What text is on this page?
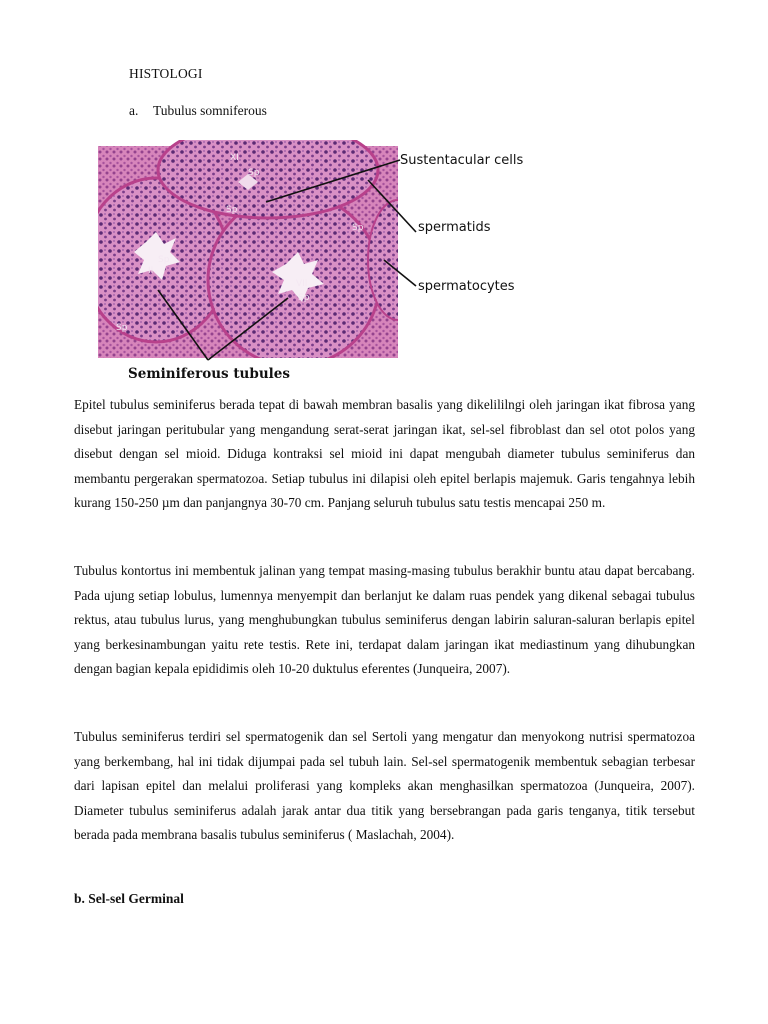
HISTOLOGI
a. Tubulus somniferous
XI
Sp
Sp
II
Sp
VII
Sp
Sp
Sp
Sustentacular cells
spermatids
spermatocytes
Seminiferous tubules

Epitel tubulus seminiferus berada tepat di bawah membran basalis yang dikelililngi oleh jaringan ikat fibrosa yang disebut jaringan peritubular yang mengandung serat-serat jaringan ikat, sel-sel fibroblast dan sel otot polos yang disebut dengan sel mioid. Diduga kontraksi sel mioid ini dapat mengubah diameter tubulus seminiferus dan membantu pergerakan spermatozoa. Setiap tubulus ini dilapisi oleh epitel berlapis majemuk. Garis tengahnya lebih kurang 150-250 µm dan panjangnya 30-70 cm. Panjang seluruh tubulus satu testis mencapai 250 m.

Tubulus kontortus ini membentuk jalinan yang tempat masing-masing tubulus berakhir buntu atau dapat bercabang. Pada ujung setiap lobulus, lumennya menyempit dan berlanjut ke dalam ruas pendek yang dikenal sebagai tubulus rektus, atau tubulus lurus, yang menghubungkan tubulus seminiferus dengan labirin saluran-saluran berlapis epitel yang berkesinambungan yaitu rete testis. Rete ini, terdapat dalam jaringan ikat mediastinum yang dihubungkan dengan bagian kepala epididimis oleh 10-20 duktulus eferentes (Junqueira, 2007).

Tubulus seminiferus terdiri sel spermatogenik dan sel Sertoli yang mengatur dan menyokong nutrisi spermatozoa yang berkembang, hal ini tidak dijumpai pada sel tubuh lain. Sel-sel spermatogenik membentuk sebagian terbesar dari lapisan epitel dan melalui proliferasi yang kompleks akan menghasilkan spermatozoa (Junqueira, 2007). Diameter tubulus seminiferus adalah jarak antar dua titik yang bersebrangan pada garis tenganya, titik tersebut berada pada membrana basalis tubulus seminiferus ( Maslachah, 2004).

b. Sel-sel Germinal
